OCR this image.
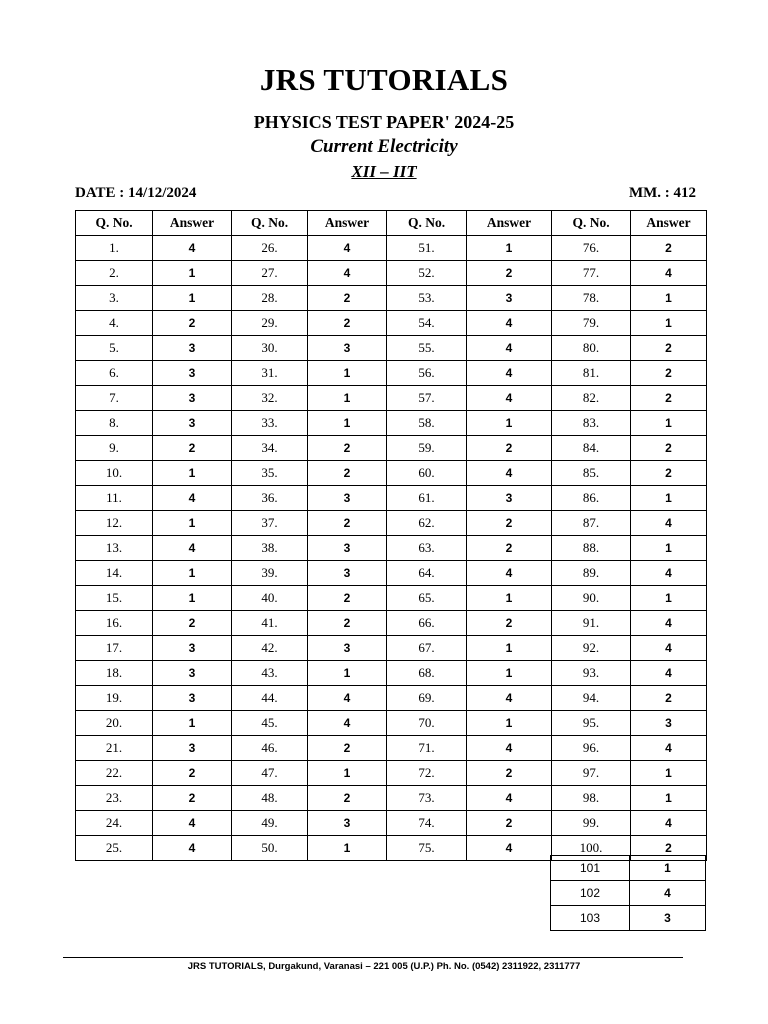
JRS TUTORIALS
PHYSICS TEST PAPER' 2024-25
Current Electricity
XII – IIT
DATE : 14/12/2024	MM. : 412
Q. No.	Answer	Q. No.	Answer	Q. No.	Answer	Q. No.	Answer
1.	4	26.	4	51.	1	76.	2
2.	1	27.	4	52.	2	77.	4
3.	1	28.	2	53.	3	78.	1
4.	2	29.	2	54.	4	79.	1
5.	3	30.	3	55.	4	80.	2
6.	3	31.	1	56.	4	81.	2
7.	3	32.	1	57.	4	82.	2
8.	3	33.	1	58.	1	83.	1
9.	2	34.	2	59.	2	84.	2
10.	1	35.	2	60.	4	85.	2
11.	4	36.	3	61.	3	86.	1
12.	1	37.	2	62.	2	87.	4
13.	4	38.	3	63.	2	88.	1
14.	1	39.	3	64.	4	89.	4
15.	1	40.	2	65.	1	90.	1
16.	2	41.	2	66.	2	91.	4
17.	3	42.	3	67.	1	92.	4
18.	3	43.	1	68.	1	93.	4
19.	3	44.	4	69.	4	94.	2
20.	1	45.	4	70.	1	95.	3
21.	3	46.	2	71.	4	96.	4
22.	2	47.	1	72.	2	97.	1
23.	2	48.	2	73.	4	98.	1
24.	4	49.	3	74.	2	99.	4
25.	4	50.	1	75.	4	100.	2
101	1
102	4
103	3
JRS TUTORIALS, Durgakund, Varanasi – 221 005 (U.P.) Ph. No. (0542) 2311922, 2311777
